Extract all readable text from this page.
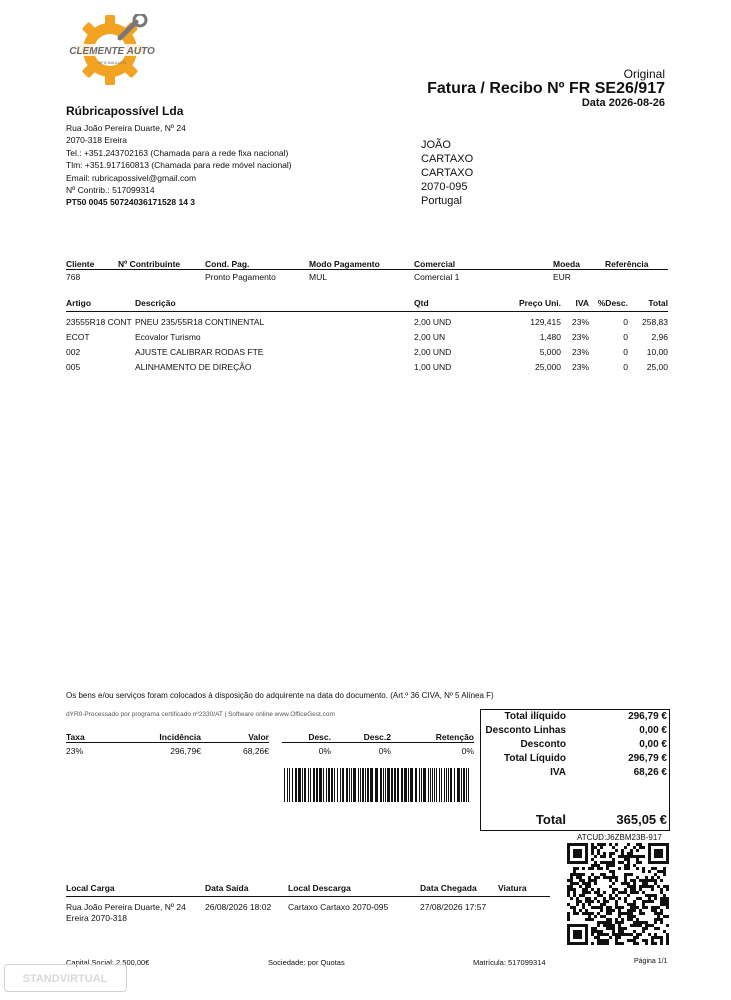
CLEMENTE AUTO
OFICINA AUTO
Original
Fatura / Recibo Nº FR SE26/917
Data 2026-08-26
Rúbricapossível Lda
Rua João Pereira Duarte, Nº 24
2070-318 Ereira
Tel.: +351.243702163 (Chamada para a rede fixa nacional)
Tlm: +351.917160813 (Chamada para rede móvel nacional)
Email: rubricapossivel@gmail.com
Nº Contrib.: 517099314
PT50 0045 50724036171528 14 3
JOÃO
CARTAXO
CARTAXO
2070-095
Portugal
Cliente	Nº Contribuinte	Cond. Pag.	Modo Pagamento	Comercial	Moeda	Referência
768		Pronto Pagamento	MUL	Comercial 1	EUR	
Artigo	Descrição	Qtd	Preço Uni.	IVA	%Desc.	Total
23555R18 CONT	PNEU 235/55R18 CONTINENTAL	2,00 UND	129,415	23%	0	258,83
ECOT	Ecovalor Turismo	2,00 UN	1,480	23%	0	2,96
002	AJUSTE CALIBRAR RODAS FTE	2,00 UND	5,000	23%	0	10,00
005	ALINHAMENTO DE DIREÇÃO	1,00 UND	25,000	23%	0	25,00
Os bens e/ou serviços foram colocados à disposição do adquirente na data do documento. (Art.º 36 CIVA, Nº 5 Alínea F)
dYR0-Processado por programa certificado nº2330/AT | Software online www.OfficeGest.com
Taxa	Incidência	Valor
23%	296,79€	68,26€
Desc.	Desc.2	Retenção
0%	0%	0%
Total ilíquido	296,79 €
Desconto Linhas	0,00 €
Desconto	0,00 €
Total Líquido	296,79 €
IVA	68,26 €
Total	365,05 €
ATCUD:J6ZBM23B-917
Local Carga	Data Saída	Local Descarga	Data Chegada	Viatura
Rua João Pereira Duarte, Nº 24 Ereira 2070-318	26/08/2026 18:02	Cartaxo Cartaxo 2070-095	27/08/2026 17:57	
Capital Social: 2.500,00€	Sociedade: por Quotas	Matrícula: 517099314	Página 1/1
STANDVIRTUAL
